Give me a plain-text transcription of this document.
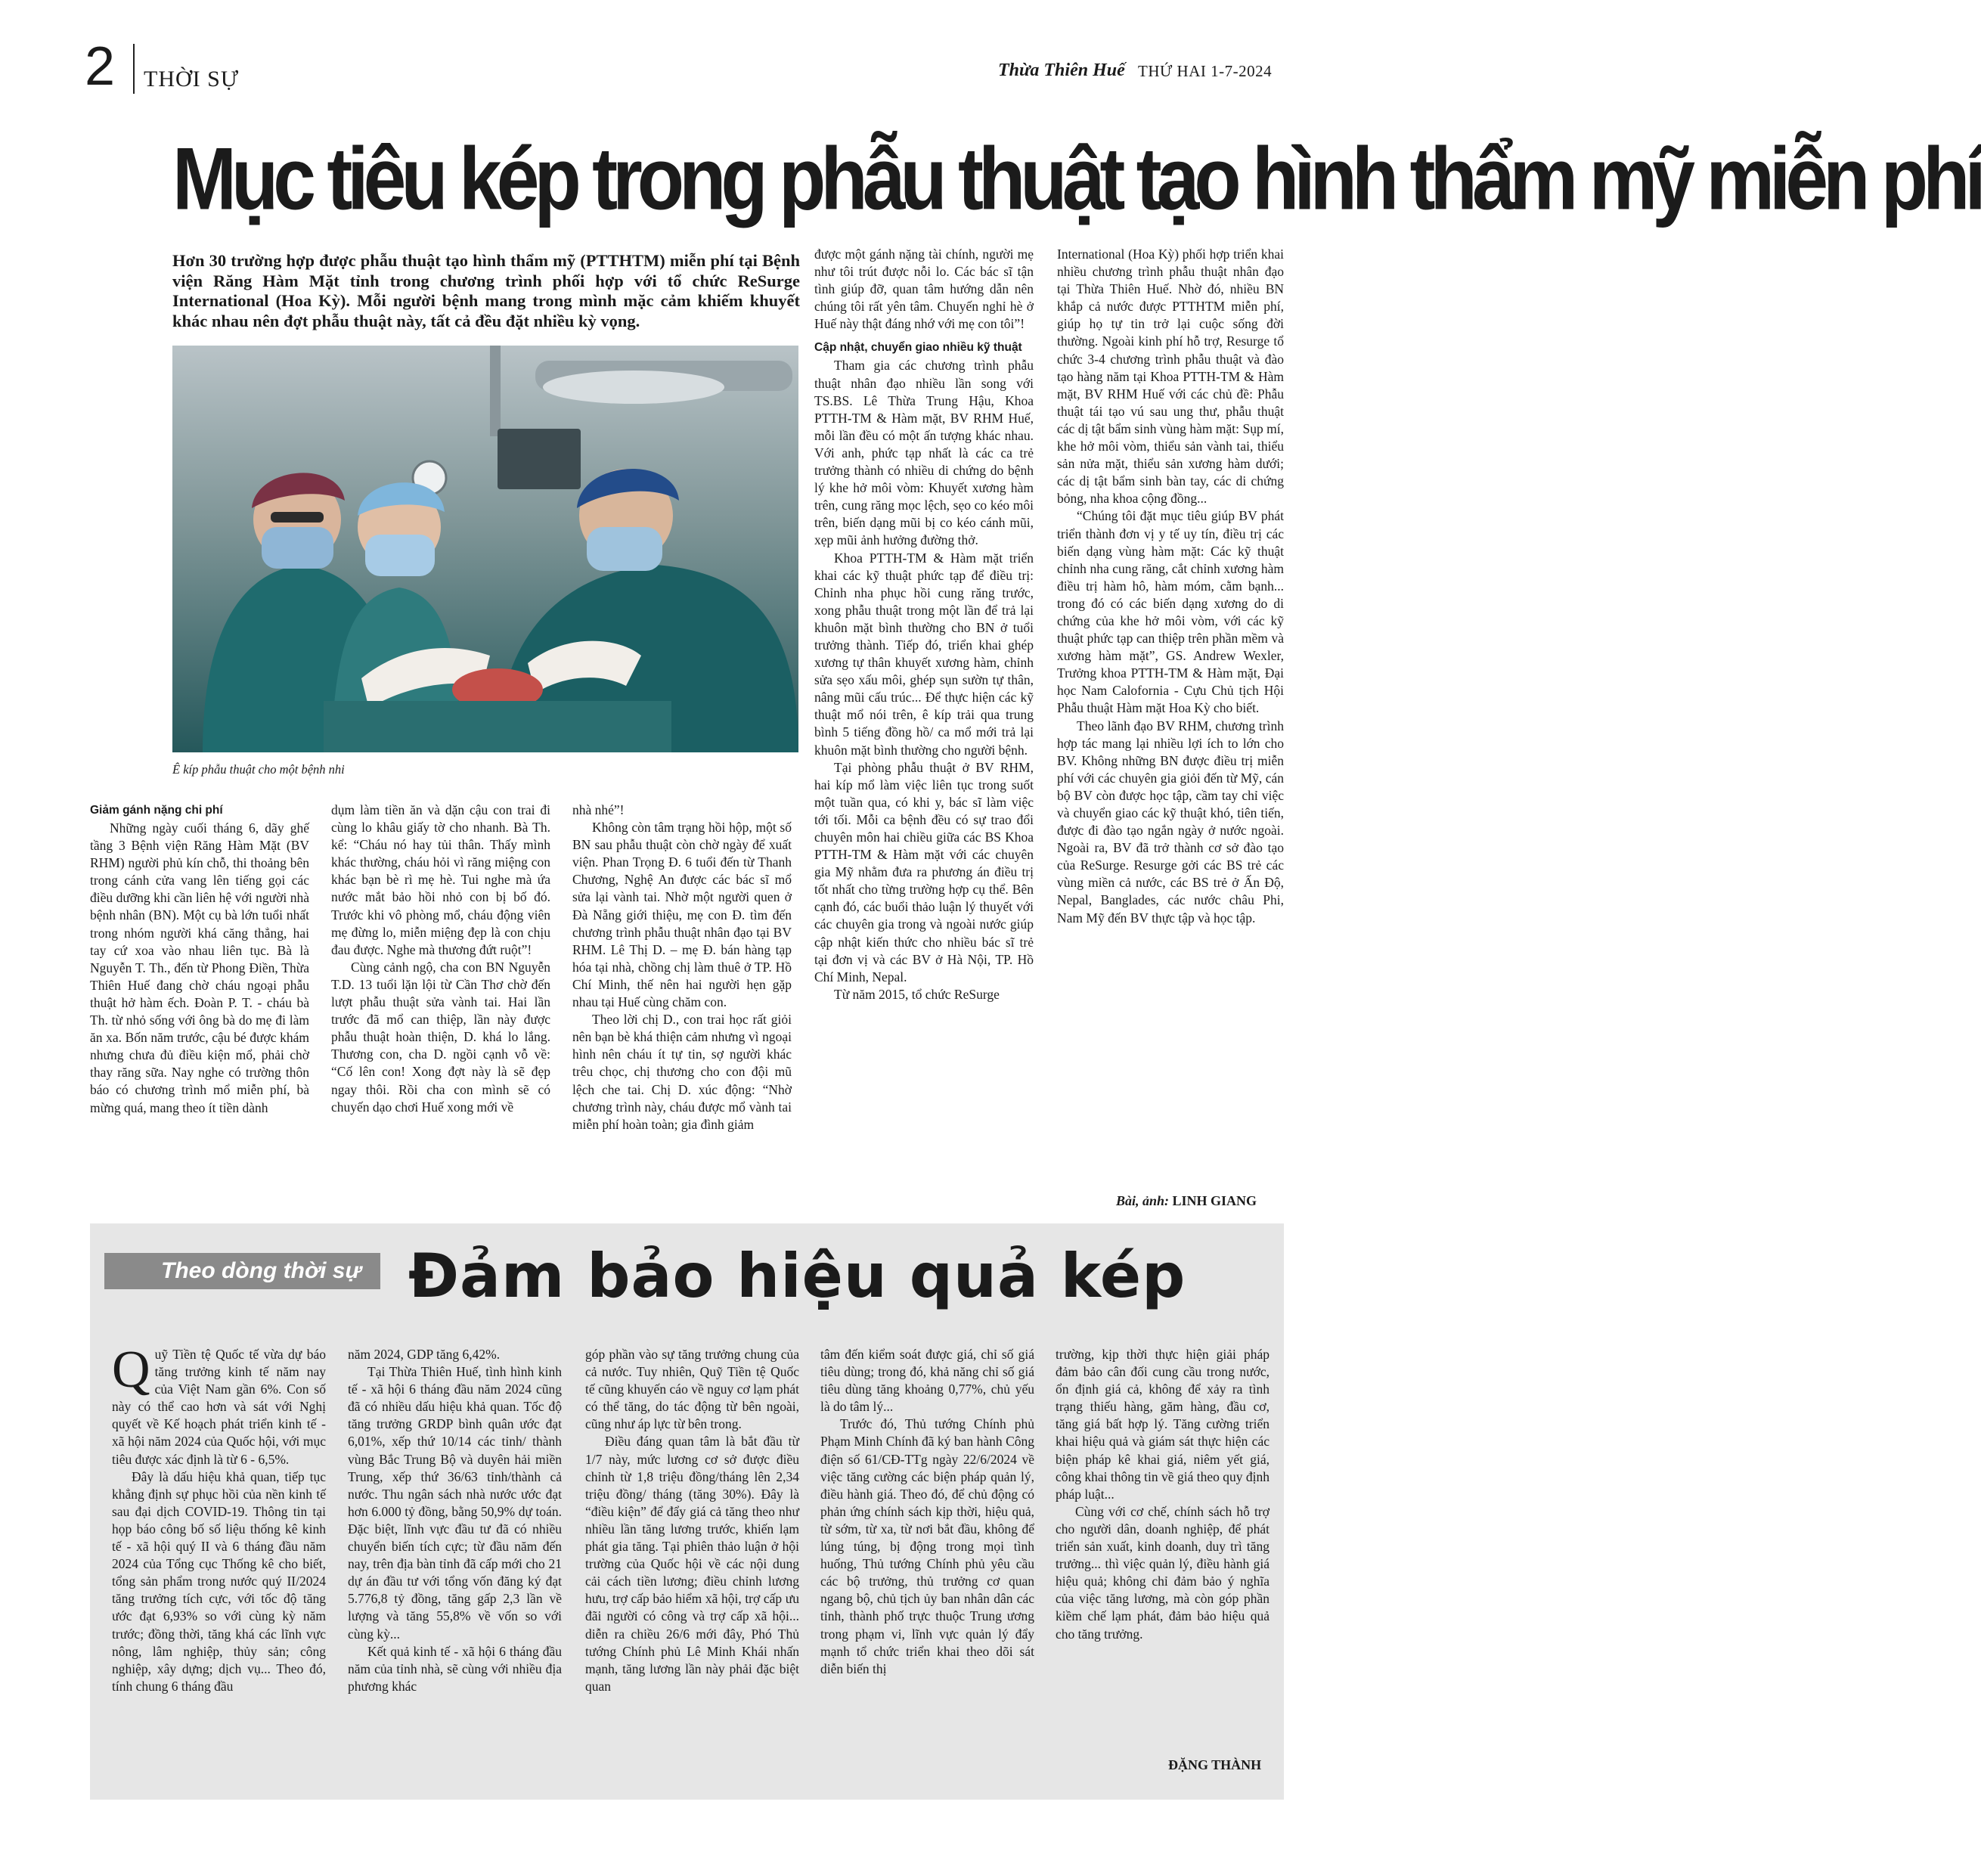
2 THỜI SỰ	Thừa Thiên Huế THỨ HAI 1-7-2024
Mục tiêu kép trong phẫu thuật tạo hình thẩm mỹ miễn phí
Hơn 30 trường hợp được phẫu thuật tạo hình thẩm mỹ (PTTHTM) miễn phí tại Bệnh viện Răng Hàm Mặt tỉnh trong chương trình phối hợp với tổ chức ReSurge International (Hoa Kỳ). Mỗi người bệnh mang trong mình mặc cảm khiếm khuyết khác nhau nên đợt phẫu thuật này, tất cả đều đặt nhiều kỳ vọng.
Ê kíp phẫu thuật cho một bệnh nhi

Giảm gánh nặng chi phí

Những ngày cuối tháng 6, dãy ghế tầng 3 Bệnh viện Răng Hàm Mặt (BV RHM) người phủ kín chỗ, thi thoảng bên trong cánh cửa vang lên tiếng gọi các điều dưỡng khi cần liên hệ với người nhà bệnh nhân (BN). Một cụ bà lớn tuổi nhất trong nhóm người khá căng thẳng, hai tay cứ xoa vào nhau liên tục. Bà là Nguyễn T. Th., đến từ Phong Điền, Thừa Thiên Huế đang chờ cháu ngoại phẫu thuật hở hàm ếch. Đoàn P. T. - cháu bà Th. từ nhỏ sống với ông bà do mẹ đi làm ăn xa. Bốn năm trước, cậu bé được khám nhưng chưa đủ điều kiện mổ, phải chờ thay răng sữa. Nay nghe có trường thôn báo có chương trình mổ miễn phí, bà mừng quá, mang theo ít tiền dành

dụm làm tiền ăn và dặn cậu con trai đi cùng lo khâu giấy tờ cho nhanh. Bà Th. kể: “Cháu nó hay tủi thân. Thấy mình khác thường, cháu hỏi vì răng miệng con khác bạn bè rì mẹ hè. Tui nghe mà ứa nước mắt bảo hồi nhỏ con bị bố đó. Trước khi vô phòng mổ, cháu động viên mẹ đừng lo, miễn miệng đẹp là con chịu đau được. Nghe mà thương đứt ruột”!

Cùng cảnh ngộ, cha con BN Nguyễn T.D. 13 tuổi lặn lội từ Cần Thơ chờ đến lượt phẫu thuật sửa vành tai. Hai lần trước đã mổ can thiệp, lần này được phẫu thuật hoàn thiện, D. khá lo lắng. Thương con, cha D. ngồi cạnh vỗ về: “Cố lên con! Xong đợt này là sẽ đẹp ngay thôi. Rồi cha con mình sẽ có chuyến dạo chơi Huế xong mới về

nhà nhé”!

Không còn tâm trạng hồi hộp, một số BN sau phẫu thuật còn chờ ngày để xuất viện. Phan Trọng Đ. 6 tuổi đến từ Thanh Chương, Nghệ An được các bác sĩ mổ sửa lại vành tai. Nhờ một người quen ở Đà Nẵng giới thiệu, mẹ con Đ. tìm đến chương trình phẫu thuật nhân đạo tại BV RHM. Lê Thị D. – mẹ Đ. bán hàng tạp hóa tại nhà, chồng chị làm thuê ở TP. Hồ Chí Minh, thế nên hai người hẹn gặp nhau tại Huế cùng chăm con.

Theo lời chị D., con trai học rất giỏi nên bạn bè khá thiện cảm nhưng vì ngoại hình nên cháu ít tự tin, sợ người khác trêu chọc, chị thương cho con đội mũ lệch che tai. Chị D. xúc động: “Nhờ chương trình này, cháu được mổ vành tai miễn phí hoàn toàn; gia đình giảm

được một gánh nặng tài chính, người mẹ như tôi trút được nỗi lo. Các bác sĩ tận tình giúp đỡ, quan tâm hướng dẫn nên chúng tôi rất yên tâm. Chuyến nghỉ hè ở Huế này thật đáng nhớ với mẹ con tôi”!

Cập nhật, chuyển giao nhiều kỹ thuật

Tham gia các chương trình phẫu thuật nhân đạo nhiều lần song với TS.BS. Lê Thừa Trung Hậu, Khoa PTTH-TM & Hàm mặt, BV RHM Huế, mỗi lần đều có một ấn tượng khác nhau. Với anh, phức tạp nhất là các ca trẻ trưởng thành có nhiều di chứng do bệnh lý khe hở môi vòm: Khuyết xương hàm trên, cung răng mọc lệch, sẹo co kéo môi trên, biến dạng mũi bị co kéo cánh mũi, xẹp mũi ảnh hưởng đường thở.

Khoa PTTH-TM & Hàm mặt triển khai các kỹ thuật phức tạp để điều trị: Chỉnh nha phục hồi cung răng trước, xong phẫu thuật trong một lần để trả lại khuôn mặt bình thường cho BN ở tuổi trưởng thành. Tiếp đó, triển khai ghép xương tự thân khuyết xương hàm, chỉnh sửa sẹo xấu môi, ghép sụn sườn tự thân, nâng mũi cấu trúc... Để thực hiện các kỹ thuật mổ nói trên, ê kíp trải qua trung bình 5 tiếng đồng hồ/ ca mổ mới trả lại khuôn mặt bình thường cho người bệnh.

Tại phòng phẫu thuật ở BV RHM, hai kíp mổ làm việc liên tục trong suốt một tuần qua, có khi y, bác sĩ làm việc tới tối. Mỗi ca bệnh đều có sự trao đổi chuyên môn hai chiều giữa các BS Khoa PTTH-TM & Hàm mặt với các chuyên gia Mỹ nhằm đưa ra phương án điều trị tốt nhất cho từng trường hợp cụ thể. Bên cạnh đó, các buổi thảo luận lý thuyết với các chuyên gia trong và ngoài nước giúp cập nhật kiến thức cho nhiều bác sĩ trẻ tại đơn vị và các BV ở Hà Nội, TP. Hồ Chí Minh, Nepal.

Từ năm 2015, tổ chức ReSurge

International (Hoa Kỳ) phối hợp triển khai nhiều chương trình phẫu thuật nhân đạo tại Thừa Thiên Huế. Nhờ đó, nhiều BN khắp cả nước được PTTHTM miễn phí, giúp họ tự tin trở lại cuộc sống đời thường. Ngoài kinh phí hỗ trợ, Resurge tổ chức 3-4 chương trình phẫu thuật và đào tạo hàng năm tại Khoa PTTH-TM & Hàm mặt, BV RHM Huế với các chủ đề: Phẫu thuật tái tạo vú sau ung thư, phẫu thuật các dị tật bẩm sinh vùng hàm mặt: Sụp mí, khe hở môi vòm, thiểu sản vành tai, thiểu sản nửa mặt, thiểu sản xương hàm dưới; các dị tật bẩm sinh bàn tay, các di chứng bỏng, nha khoa cộng đồng...

“Chúng tôi đặt mục tiêu giúp BV phát triển thành đơn vị y tế uy tín, điều trị các biến dạng vùng hàm mặt: Các kỹ thuật chỉnh nha cung răng, cắt chỉnh xương hàm điều trị hàm hô, hàm móm, cằm bạnh... trong đó có các biến dạng xương do di chứng của khe hở môi vòm, với các kỹ thuật phức tạp can thiệp trên phần mềm và xương hàm mặt”, GS. Andrew Wexler, Trưởng khoa PTTH-TM & Hàm mặt, Đại học Nam Calofornia - Cựu Chủ tịch Hội Phẫu thuật Hàm mặt Hoa Kỳ cho biết.

Theo lãnh đạo BV RHM, chương trình hợp tác mang lại nhiều lợi ích to lớn cho BV. Không những BN được điều trị miễn phí với các chuyên gia giỏi đến từ Mỹ, cán bộ BV còn được học tập, cầm tay chỉ việc và chuyển giao các kỹ thuật khó, tiên tiến, được đi đào tạo ngắn ngày ở nước ngoài. Ngoài ra, BV đã trở thành cơ sở đào tạo của ReSurge. Resurge gởi các BS trẻ các vùng miền cả nước, các BS trẻ ở Ấn Độ, Nepal, Banglades, các nước châu Phi, Nam Mỹ đến BV thực tập và học tập.

Bài, ảnh: LINH GIANG
Theo dòng thời sự Đảm bảo hiệu quả kép

Quỹ Tiền tệ Quốc tế vừa dự báo tăng trưởng kinh tế năm nay của Việt Nam gần 6%. Con số này có thể cao hơn và sát với Nghị quyết về Kế hoạch phát triển kinh tế - xã hội năm 2024 của Quốc hội, với mục tiêu được xác định là từ 6 - 6,5%.

Đây là dấu hiệu khả quan, tiếp tục khẳng định sự phục hồi của nền kinh tế sau đại dịch COVID-19. Thông tin tại họp báo công bố số liệu thống kê kinh tế - xã hội quý II và 6 tháng đầu năm 2024 của Tổng cục Thống kê cho biết, tổng sản phẩm trong nước quý II/2024 tăng trưởng tích cực, với tốc độ tăng ước đạt 6,93% so với cùng kỳ năm trước; đồng thời, tăng khá các lĩnh vực nông, lâm nghiệp, thủy sản; công nghiệp, xây dựng; dịch vụ... Theo đó, tính chung 6 tháng đầu

năm 2024, GDP tăng 6,42%.

Tại Thừa Thiên Huế, tình hình kinh tế - xã hội 6 tháng đầu năm 2024 cũng đã có nhiều dấu hiệu khả quan. Tốc độ tăng trưởng GRDP bình quân ước đạt 6,01%, xếp thứ 10/14 các tỉnh/ thành vùng Bắc Trung Bộ và duyên hải miền Trung, xếp thứ 36/63 tỉnh/thành cả nước. Thu ngân sách nhà nước ước đạt hơn 6.000 tỷ đồng, bằng 50,9% dự toán. Đặc biệt, lĩnh vực đầu tư đã có nhiều chuyển biến tích cực; từ đầu năm đến nay, trên địa bàn tỉnh đã cấp mới cho 21 dự án đầu tư với tổng vốn đăng ký đạt 5.776,8 tỷ đồng, tăng gấp 2,3 lần về lượng và tăng 55,8% về vốn so với cùng kỳ...

Kết quả kinh tế - xã hội 6 tháng đầu năm của tỉnh nhà, sẽ cùng với nhiều địa phương khác

góp phần vào sự tăng trưởng chung của cả nước. Tuy nhiên, Quỹ Tiền tệ Quốc tế cũng khuyến cáo về nguy cơ lạm phát có thể tăng, do tác động từ bên ngoài, cũng như áp lực từ bên trong.

Điều đáng quan tâm là bắt đầu từ 1/7 này, mức lương cơ sở được điều chỉnh từ 1,8 triệu đồng/tháng lên 2,34 triệu đồng/ tháng (tăng 30%). Đây là “điều kiện” để đẩy giá cả tăng theo như nhiều lần tăng lương trước, khiến lạm phát gia tăng. Tại phiên thảo luận ở hội trường của Quốc hội về các nội dung cải cách tiền lương; điều chỉnh lương hưu, trợ cấp bảo hiểm xã hội, trợ cấp ưu đãi người có công và trợ cấp xã hội... diễn ra chiều 26/6 mới đây, Phó Thủ tướng Chính phủ Lê Minh Khái nhấn mạnh, tăng lương lần này phải đặc biệt quan

tâm đến kiểm soát được giá, chỉ số giá tiêu dùng; trong đó, khả năng chỉ số giá tiêu dùng tăng khoảng 0,77%, chủ yếu là do tâm lý...

Trước đó, Thủ tướng Chính phủ Phạm Minh Chính đã ký ban hành Công điện số 61/CĐ-TTg ngày 22/6/2024 về việc tăng cường các biện pháp quản lý, điều hành giá. Theo đó, để chủ động có phản ứng chính sách kịp thời, hiệu quả, từ sớm, từ xa, từ nơi bắt đầu, không để lúng túng, bị động trong mọi tình huống, Thủ tướng Chính phủ yêu cầu các bộ trưởng, thủ trưởng cơ quan ngang bộ, chủ tịch ủy ban nhân dân các tỉnh, thành phố trực thuộc Trung ương trong phạm vi, lĩnh vực quản lý đẩy mạnh tổ chức triển khai theo dõi sát diễn biến thị

trường, kịp thời thực hiện giải pháp đảm bảo cân đối cung cầu trong nước, ổn định giá cả, không để xảy ra tình trạng thiếu hàng, găm hàng, đầu cơ, tăng giá bất hợp lý. Tăng cường triển khai hiệu quả và giám sát thực hiện các biện pháp kê khai giá, niêm yết giá, công khai thông tin về giá theo quy định pháp luật...

Cùng với cơ chế, chính sách hỗ trợ cho người dân, doanh nghiệp, để phát triển sản xuất, kinh doanh, duy trì tăng trưởng... thì việc quản lý, điều hành giá hiệu quả; không chỉ đảm bảo ý nghĩa của việc tăng lương, mà còn góp phần kiềm chế lạm phát, đảm bảo hiệu quả cho tăng trưởng.

ĐẶNG THÀNH
